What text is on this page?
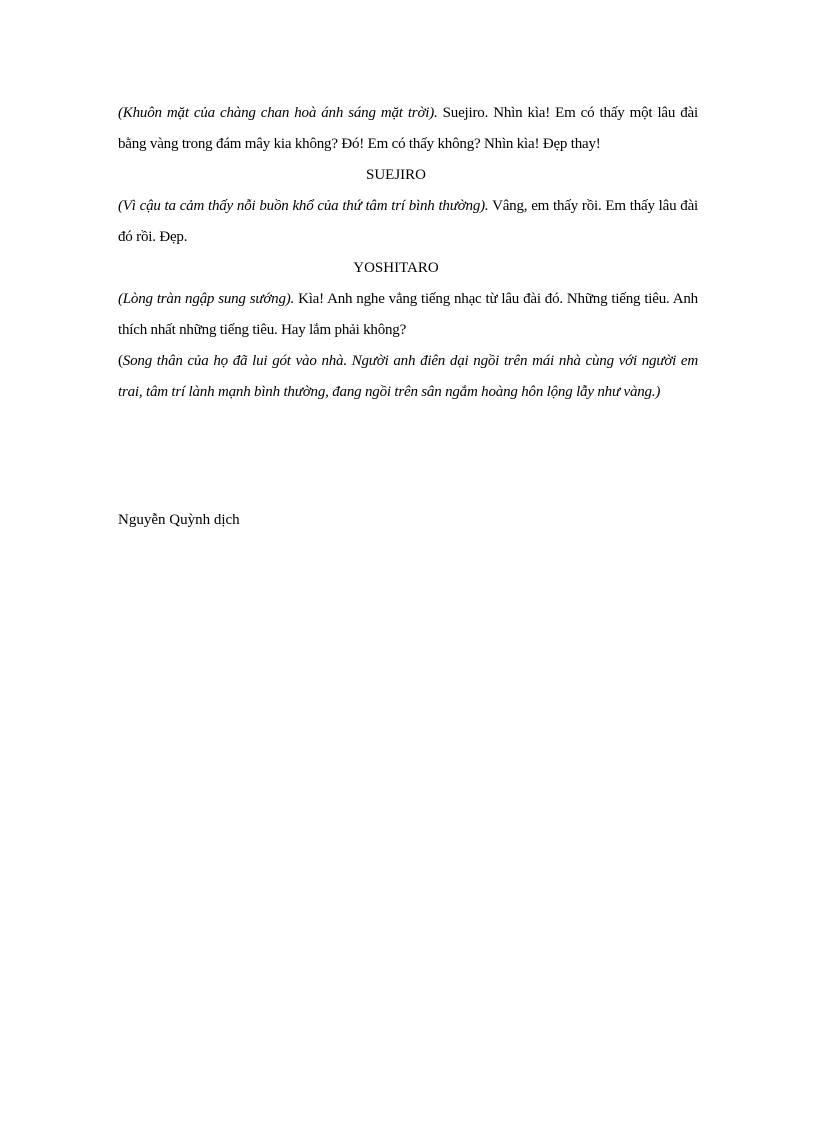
(Khuôn mặt của chàng chan hoà ánh sáng mặt trời). Suejiro. Nhìn kìa! Em có thấy một lâu đài bằng vàng trong đám mây kia không? Đó! Em có thấy không? Nhìn kìa! Đẹp thay!

SUEJIRO

(Vì cậu ta cảm thấy nỗi buồn khổ của thứ tâm trí bình thường). Vâng, em thấy rồi. Em thấy lâu đài đó rồi. Đẹp.

YOSHITARO

(Lòng tràn ngập sung sướng). Kìa! Anh nghe vẳng tiếng nhạc từ lâu đài đó. Những tiếng tiêu. Anh thích nhất những tiếng tiêu. Hay lắm phải không?

(Song thân của họ đã lui gót vào nhà. Người anh điên dại ngồi trên mái nhà cùng với người em trai, tâm trí lành mạnh bình thường, đang ngồi trên sân ngắm hoàng hôn lộng lẫy như vàng.)

Nguyễn Quỳnh dịch
